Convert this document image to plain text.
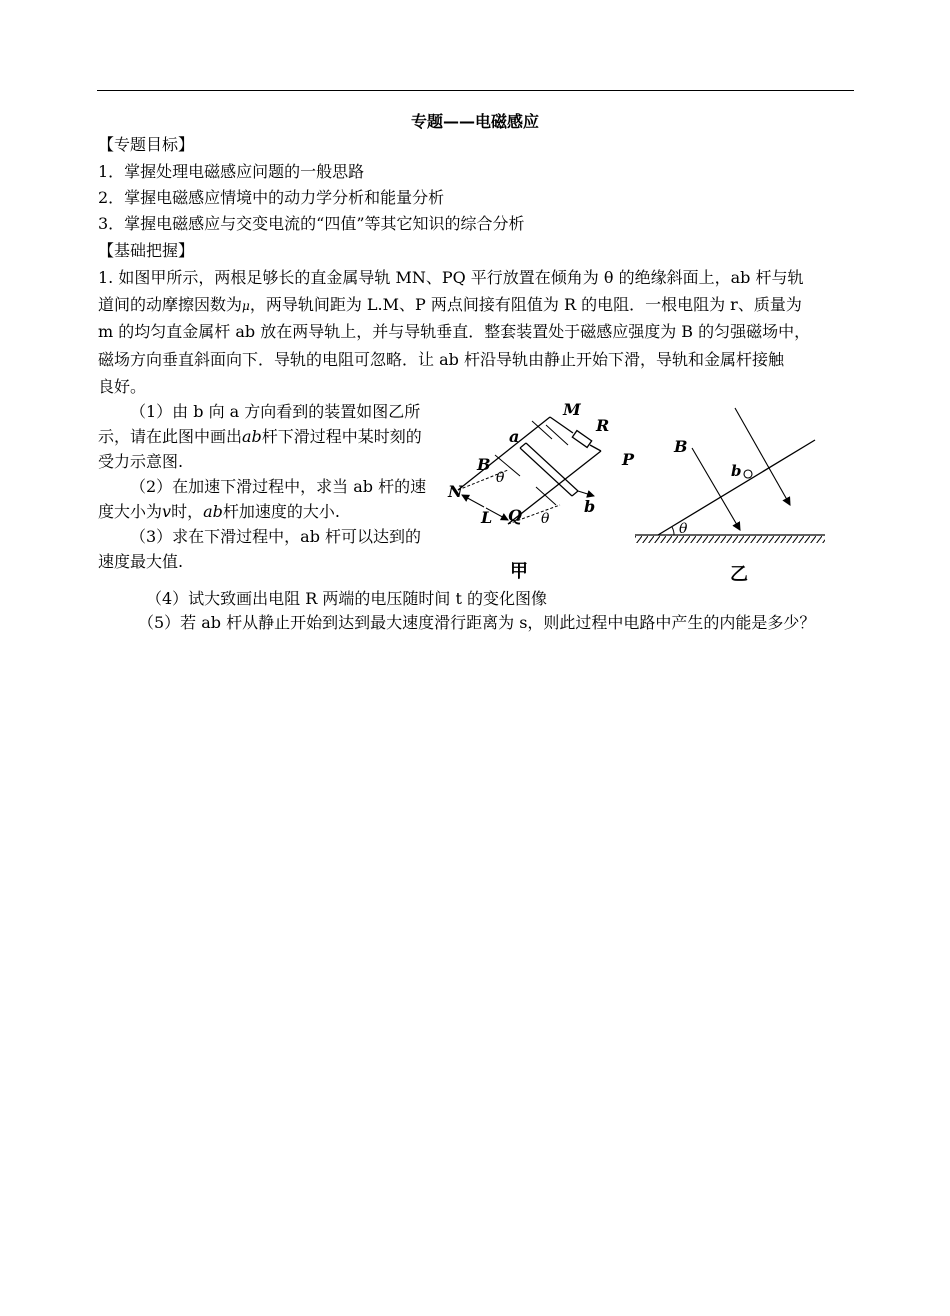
专题——电磁感应
【专题目标】
1．掌握处理电磁感应问题的一般思路
2．掌握电磁感应情境中的动力学分析和能量分析
3．掌握电磁感应与交变电流的“四值”等其它知识的综合分析
【基础把握】
1. 如图甲所示，两根足够长的直金属导轨 MN、PQ 平行放置在倾角为 θ 的绝缘斜面上，ab 杆与轨
道间的动摩擦因数为μ，两导轨间距为 L.M、P 两点间接有阻值为 R 的电阻．一根电阻为 r、质量为
m 的均匀直金属杆 ab 放在两导轨上，并与导轨垂直．整套装置处于磁感应强度为 B 的匀强磁场中，
磁场方向垂直斜面向下．导轨的电阻可忽略．让 ab 杆沿导轨由静止开始下滑，导轨和金属杆接触
良好。

（1）由 b 向 a 方向看到的装置如图乙所示，请在此图中画出ab杆下滑过程中某时刻的受力示意图.

（2）在加速下滑过程中，求当 ab 杆的速度大小为v时，ab杆加速度的大小.

（3）求在下滑过程中，ab 杆可以达到的速度最大值.

（4）试大致画出电阻 R 两端的电压随时间 t 的变化图像
（5）若 ab 杆从静止开始到达到最大速度滑行距离为 s，则此过程中电路中产生的内能是多少？
M
R
P
a
b
B
θ
N
L Q θ
甲
B
b
θ
乙
